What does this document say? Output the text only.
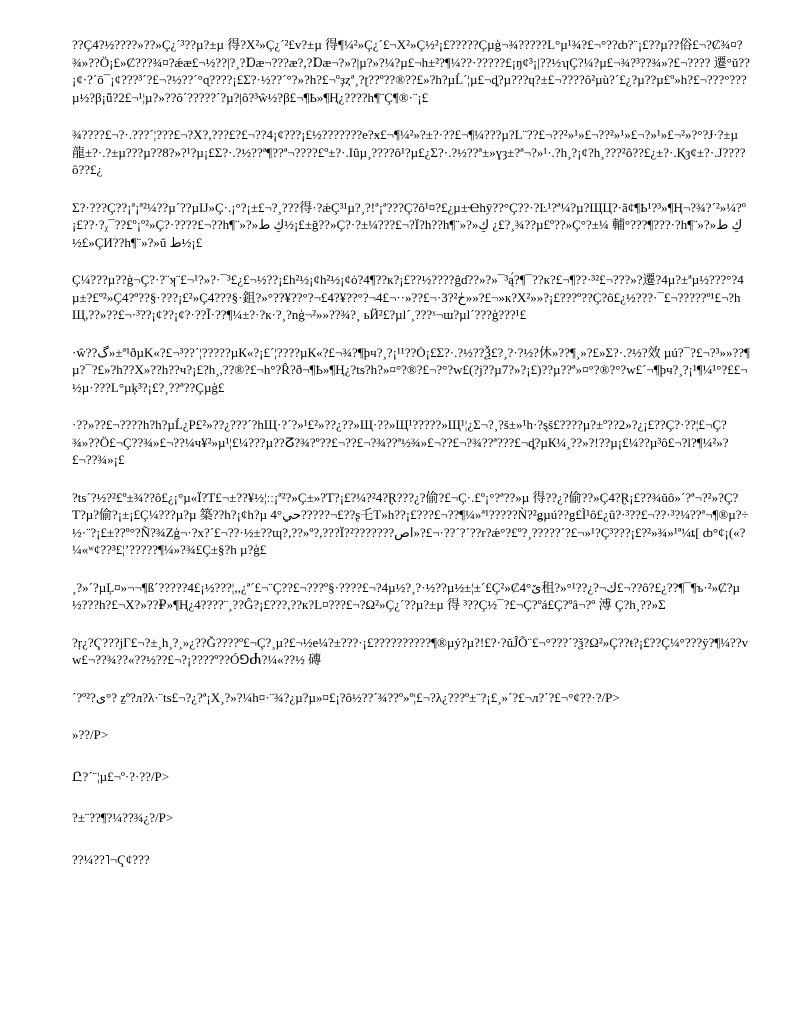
??Ç4?½????»??»Ç¿´³??µ?±µ 得?X²»Ç¿´²£v?±µ 得¶¼²»Ç¿´£¬X²»Ç½²¡£?????Çµģ¬¾?????L°µ¹¾?£¬°??ȸ?¨¡£??µ??俗£¬?Ȼ¾¤?¾»??Ö¡£»Ȼ???¾¤?ǽæ£¬½??|?¸?Ɒæ¬???æ?,?Ɒæ¬?»?|µ?»?¼?µ£¬h±²?¶¼??·?????£¡ŋ¢³¡|??½ʮÇ?¼?µ£¬¾?³??¾»?£¬???? 遷°ǔ??¡¢·?´ō¯¡¢???³´?£¬?½??´°ɋ????¡£Σ?·½??´°?»?h?£¬ºҙȥª¸?ʈ??º??®??£»?h?µĹ´¦µ£¬ȡ?µ???ɥ?±£¬????ô²µù?´£¿?µ??µ£º»h?£¬???°???µ½?β¡ǖ?2£¬¹¦µ?»??ô´?????´?µ?|ô?³ŵ½?β£¬¶Ҍ»¶Ң¿????h¶¨Ç¶®·¨¡£

¾????£¬?·.???´¦???£¬?Χ?,???£?£¬??4¡¢???¡£½???????e?ӿ£¬¶¼²»?±?·??£¬¶¼???µ?L¨??£¬??²»¹»£¬??²»¹»£¬?»¹»£¬²»?°?Ɉ·?±µ 龍±?·.?±µ???µ??8?»?¹?µ¡£Σ?·.?½??ª¶??ª¬????£º±?·.Iûµ¸????ô¹?µ£¿Σ?·.?½??ª±»ɣȝ±?ª¬?»¹·.?h¸?¡¢?h¸???²ô??£¿±?·.Қȝ¢±?·.J????ô??£¿

Σ?·???Ç??¡ª¡ª²¼??µ´??µIJ»Ç·.¡°?¡±£¬?¸???得·?ǽÇ³¹µ?¸?!ª¡ª???Ç?ô¹¤?£¿µ±Ҽhӯ??°Ç??·?Ŀ¹?ª¼?µ?ЩЦ?·ã¢¶Ҍ¹?³»¶Ӊ¬?¾?´²»¼?º¡£??·?ᵪ¯??£º¡º²»Ç?·????£¬??h¶¨»?»كِ ط½¡£±ğ??»Ç?·?±¼???£¬?Ï?h??h¶¨»?»كِ ¿£?¸¾??µ£º??»Ç°?±¼ 輔°???¶???·?h¶¨»?»كِ ط½£»ÇИ??h¶¨»?»ȗ ط½¡£

Ç¼???µ??ģ¬Ç?·?¨ʞ¨£¬¹?»?·¯³£¿£¬½??¡£h²½¡¢h²½¡¢ȯ?4¶??к?¡£??½????ĝɗ??»?»¯³ą́?¶¯??к?£¬¶??·³²£¬???»?遷?4µ?±ªµ½???°?4µ±?£º²»Ç4?º??§·???¡£²»Ç4???§·鉏?»°??¥??°?¬£4?¥??°?¬ڂ²?3·¬£??«··¬£4»»?£¬»к?X²»»?¡£???º??Ç?ô£¿½???·¯£¬?????º¹£¬?hЩ,??»??£¬·³??¡¢??¡¢?·??Ĩ·??¶¼±?·?к·?¸?nģ¬²»»??¾?¸ ьЙ²£?µl´¸???ˣ¬ɯ?µl´???ģ???¹£

·ŵ??گ»±ª¹ðµK«?£¬³??´¦?????µК«?¡£´¦????µК«?£¬¾?¶þч?¸?¡¹¹??Ȯ¡£Σ?·.?½??Ѯ£?¸?·?½?休»??¶¸»?£»Σ?·.?½?效 µú?¯?£¬?³»»??¶µ?¯?£»?h??X»??h??ч?¡£?h¸,??®?£¬h°?Ȓ?ð¬¶Ҍ»¶Ң¿?ts?h?»¤°?®?£¬?°?w£(?j??µ7?»?¡£)??µ??ª»¤°?®?°?w£´¬¶þч?¸?¡¹¶¼¹°?££¬½µ·???L°µķ³?¡£?¸??ª??Çµģ£

·??»??£¬????h?h?µĹ¿P£²»??¿???´?hЩ·?´?»¹£²»??¿??»Щ·??»Щ¹?????»Щ¹¦¿Σ¬?¸?š±»¹h·?ȿš£????µ?±º??2»?¿¡£??Ç?·??¦£¬Ç?¾»??Ö£¬Ç??¾»£¬??¼ч¥²»µ¹¦£¼???µ??ⵒ?¾?º??£¬??£¬?¾??ª½¾»£¬??£¬?¾??ª???£¬ȡ?µК¼¸??»?!??µ¡£¼??µ³ô£¬?l?¶¼²»?£¬??¾»¡£

?ts´?½?²£º±¾??ô£¿¡°µ«Ï?Ƭ£¬±??¥½¦ːː¡ª²?»Ç±»?Ƭ?¡£?¼?²4?Ɽ???¿?偷?£¬Ç·.£º¡°?ª??»µ 得??¿?偷??»Ç4?Ɽ¡£??¾ŭô»´?ª¬?²»?Ç?Ƭ?µ?偷?¡±¡£Ç¼???µ?µ 築??h?¡¢h?µ حي°4?????¬£??ʂ乇T»h??¡£???£¬??¶¼»ª¹?????Ǹ?²ǥµú??g£Ì¹ô£¿û?·³??£¬??·³?¼??ª¬¶®µ?÷½·¨?¡£±??º°?Ñ?¾Zģ¬·?x?´£¬??·½±??ɰ?,??»º?,???Ï?اص???????²»?£¬·??´?´??r?ǽ°?£º?¸?????´?£¬»¹?Ç³???¡£?²»¾»¹ª¼ȶ[ ȸ°¢¡(«?¼«ʷ¢??³£¦ʼ?????¶¼»?¾£Ç±§?h µ?ģ£

¸?»´?µĻ¤»¬¬¶ß´?????4£¡½???¦,,¿ª´£¬¨Ç??£¬???º§·????£¬?4µ½?¸?·½??µ½±¦±´£Ç²»Ȼ4°ێ租?»°ك¬?¿??¹£¬??ô?£¿??¶¯¶ъ·²»Ȼ?µ½???h?£¬X?»??₽»¶Ң¿4????¨¸??Ĝ?¡£???,??к?L¤???£¬?Ω²»Ç¿´??µ?±µ 得 ³??Ç½¯?£¬Ç?ºá£Ç?ºâ¬?º 溥 Ç?h¸??»Σ

?ŗ¿?Ҁ???jΓ£¬?±¸h¸?¸»¿??Ğ????º£¬Ç?¸µ?£¬½e¼?±???·¡£??????????¶®µý?µ?!£?·?ŭĴÕ¨£¬°???´?ѯ?Ω²»Ç??ŧ?¡£??Ç¼°???ÿ?¶¼??vw£¬??¾??«??½??£¬?¡????º??Ó⅁Ⴛ?¼«??½ 磚

´?º²?ی°? ẕº?л?λ·¨ts£¬?¿?ª¡X¸?»?¼h¤·¨¾?¿µ?µ»¤£¡?ô½??´¾??º»º¦£¬?λ¿???º±¨?¡£¸»´?£¬л?´?£¬°¢??·?/P>

»??/P>

Ը?´¨¦µ£¬º·?·??/P>

?±¨??¶?¼??¾¿?/P>

??¼??˥¬Ҁ¢???
